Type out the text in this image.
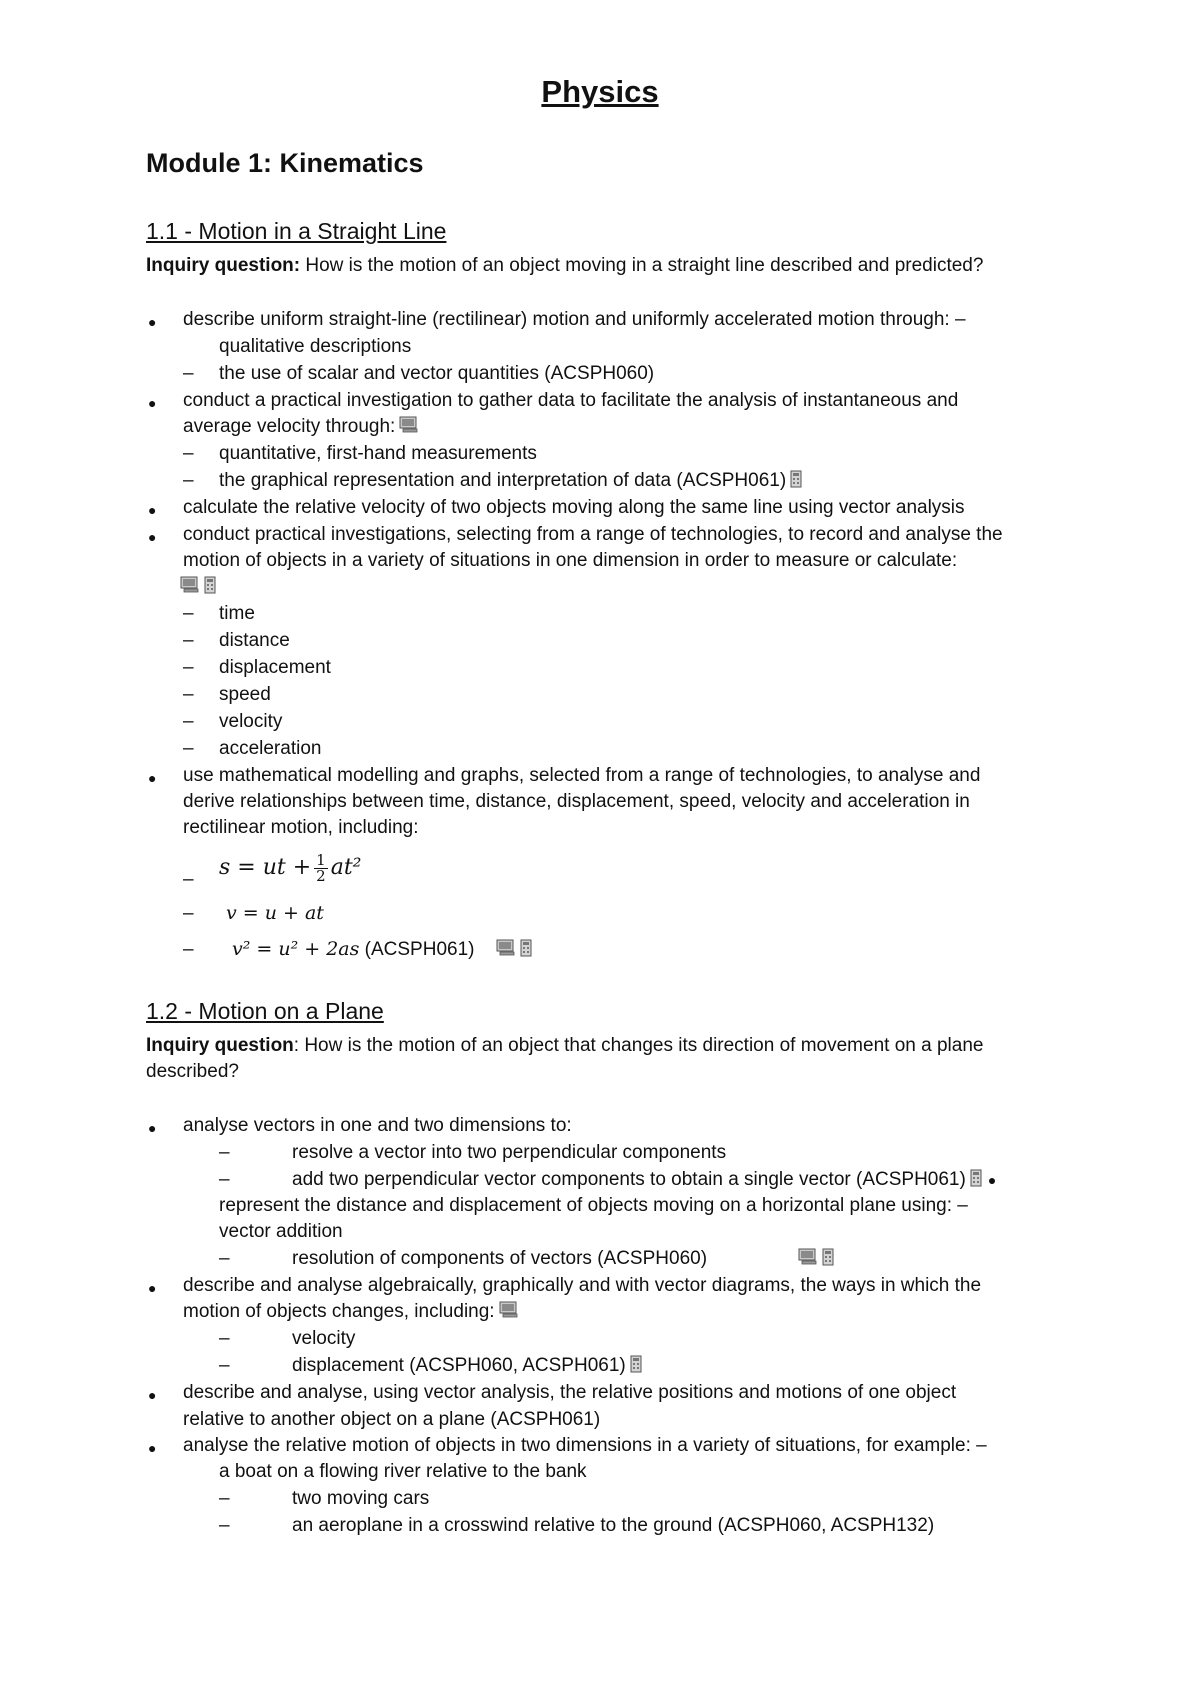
Physics
Module 1: Kinematics
1.1 - Motion in a Straight Line
Inquiry question: How is the motion of an object moving in a straight line described and predicted?
● describe uniform straight-line (rectilinear) motion and uniformly accelerated motion through: –
qualitative descriptions
– the use of scalar and vector quantities (ACSPH060)
● conduct a practical investigation to gather data to facilitate the analysis of instantaneous and
average velocity through:
– quantitative, first-hand measurements
– the graphical representation and interpretation of data (ACSPH061)
● calculate the relative velocity of two objects moving along the same line using vector analysis
● conduct practical investigations, selecting from a range of technologies, to record and analyse the
motion of objects in a variety of situations in one dimension in order to measure or calculate:
– time
– distance
– displacement
– speed
– velocity
– acceleration
● use mathematical modelling and graphs, selected from a range of technologies, to analyse and
derive relationships between time, distance, displacement, speed, velocity and acceleration in
rectilinear motion, including:
– s = ut + $\frac{1}{2} at^2$
– v = u + at
– v² = u² + 2as (ACSPH061)
1.2 - Motion on a Plane
Inquiry question: How is the motion of an object that changes its direction of movement on a plane
described?
● analyse vectors in one and two dimensions to:
–	resolve a vector into two perpendicular components
–	add two perpendicular vector components to obtain a single vector (ACSPH061) ●
represent the distance and displacement of objects moving on a horizontal plane using: –
vector addition
–	resolution of components of vectors (ACSPH060)
● describe and analyse algebraically, graphically and with vector diagrams, the ways in which the
motion of objects changes, including:
–	velocity
–	displacement (ACSPH060, ACSPH061)
● describe and analyse, using vector analysis, the relative positions and motions of one object
relative to another object on a plane (ACSPH061)
● analyse the relative motion of objects in two dimensions in a variety of situations, for example: –
a boat on a flowing river relative to the bank
–	two moving cars
–	an aeroplane in a crosswind relative to the ground (ACSPH060, ACSPH132)
